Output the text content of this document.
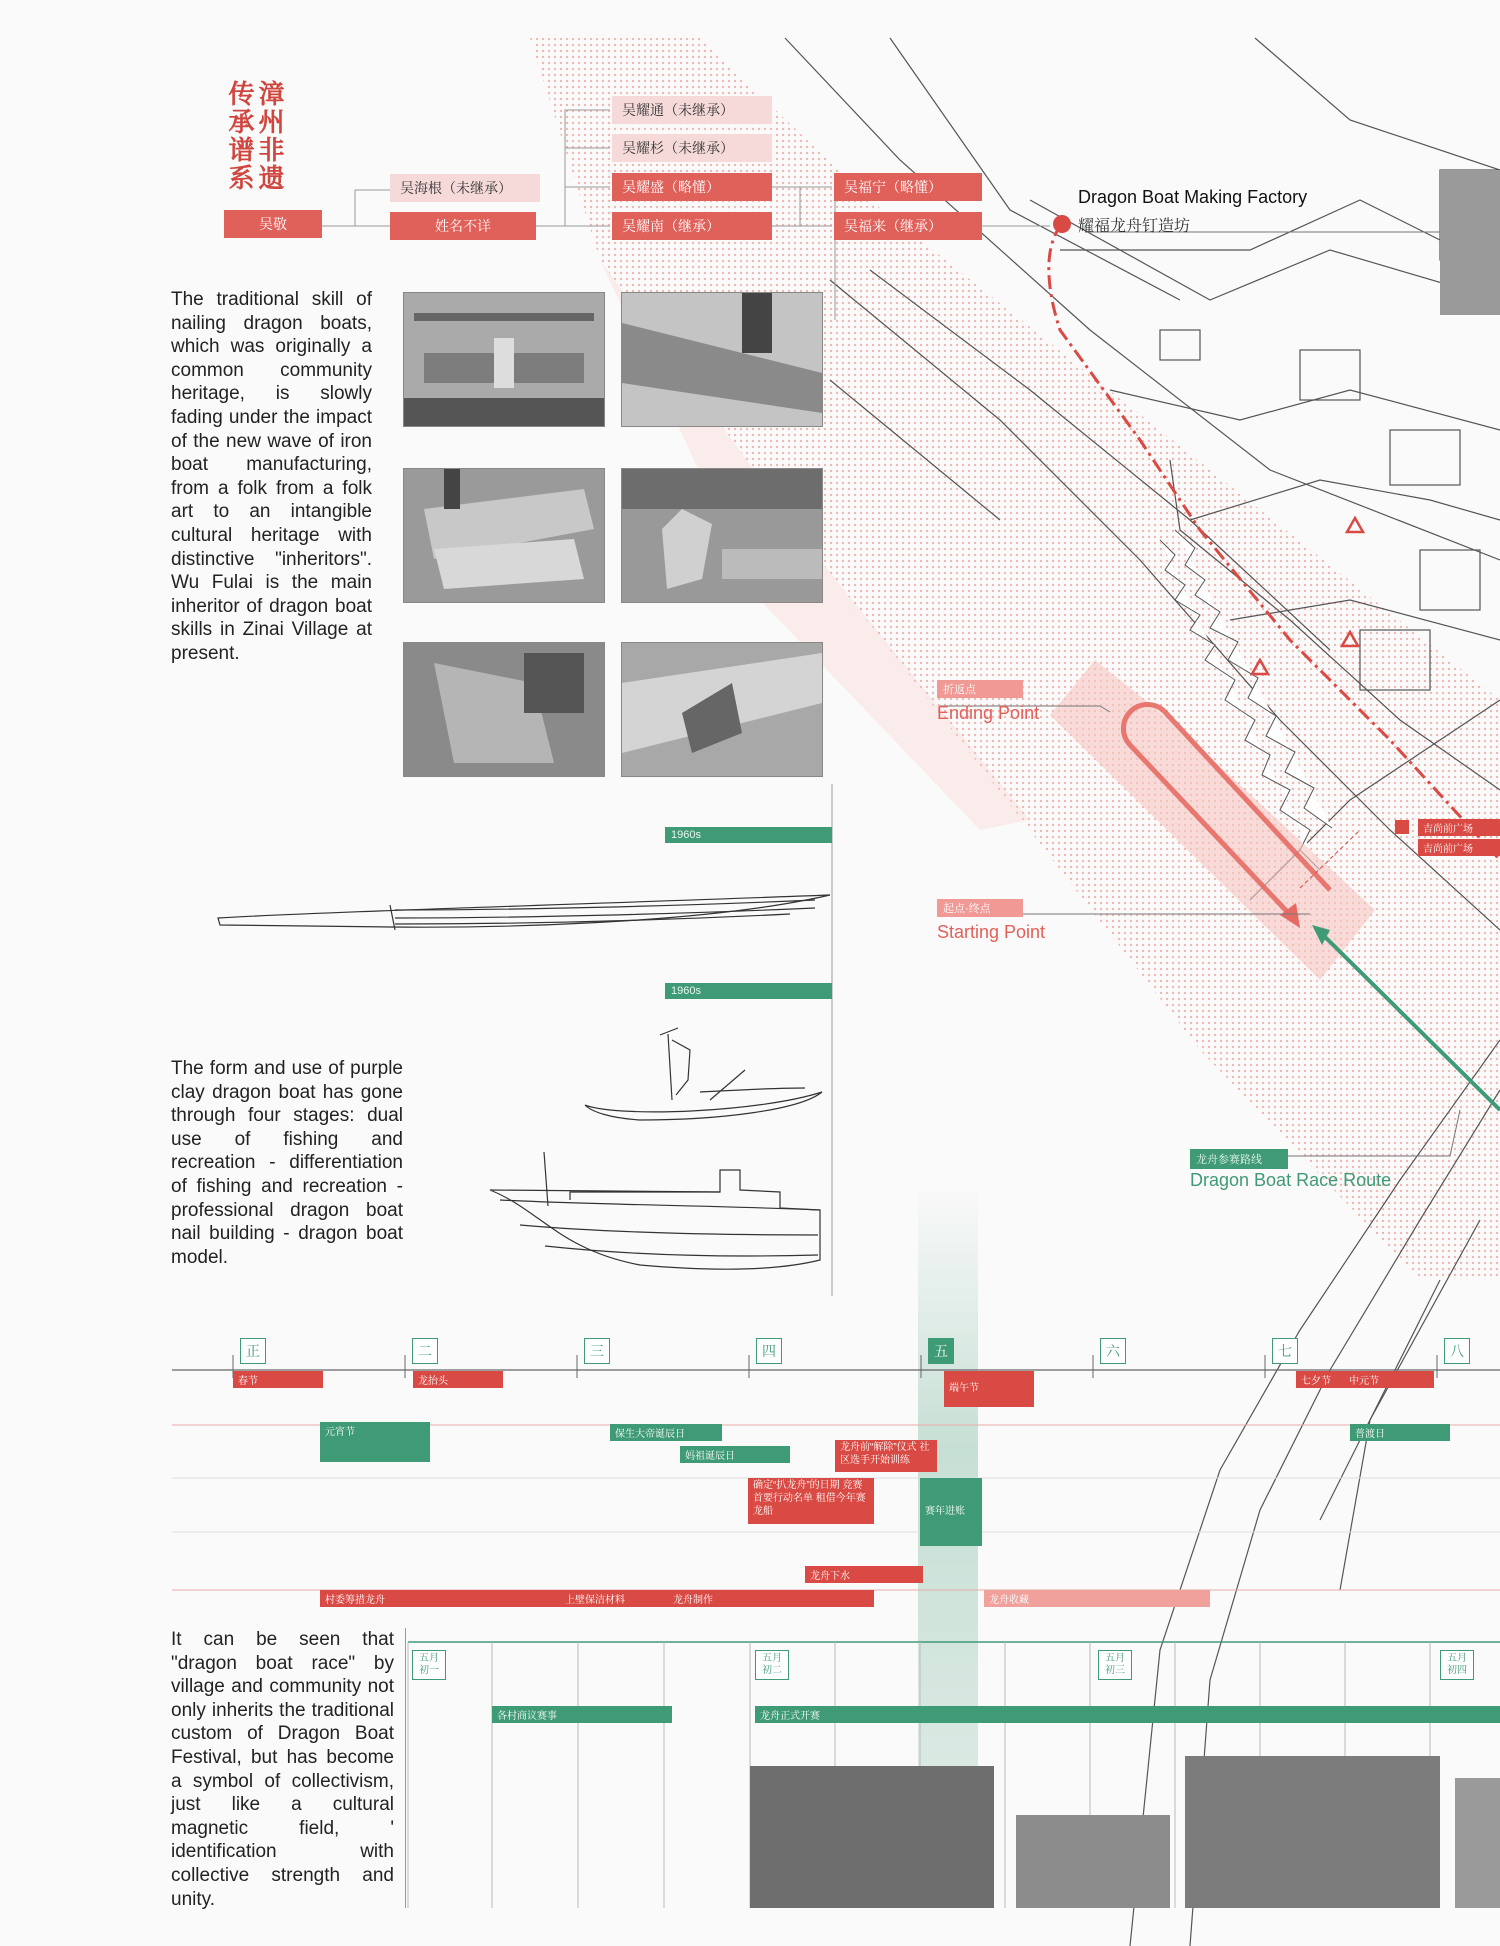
漳州非遗传承谱系
吴敬
吴海根（未继承）
姓名不详
吴耀通（未继承）
吴耀杉（未继承）
吴耀盛（略懂）
吴耀南（继承）
吴福宁（略懂）
吴福来（继承）
The traditional skill of nailing dragon boats, which was originally a common community heritage, is slowly fading under the impact of the new wave of iron boat manufacturing, from a folk from a folk art to an intangible cultural heritage with distinctive "inheritors". Wu Fulai is the main inheritor of dragon boat skills in Zinai Village at present.
1960s
1960s
The form and use of purple clay dragon boat has gone through four stages: dual use of fishing and recreation - differentiation of fishing and recreation - professional dragon boat nail building - dragon boat model.
Dragon Boat Making Factory
耀福龙舟钉造坊
折返点
Ending Point
起点·终点
Starting Point
龙舟参赛路线
Dragon Boat Race Route
吉尚前广场
吉尚前广场
正	二	三	四	五	六	七	八
春节	龙抬头
端午节
七夕节	中元节
元宵节	保生大帝诞辰日
妈祖诞辰日
普渡日
龙舟前“解除”仪式 社区选手开始训练
确定“扒龙舟”的日期 竞赛首要行动名单 租借今年赛龙船
龙舟下水
赛年进账
村委筹措龙舟	上壁保洁材料	龙舟制作	龙舟收藏
五月初一
五月初二
五月初三
五月初四
各村商议赛事	龙舟正式开赛
It can be seen that "dragon boat race" by village and community not only inherits the traditional custom of Dragon Boat Festival, but has become a symbol of collectivism, just like a cultural magnetic field, ' identification with collective strength and unity.
